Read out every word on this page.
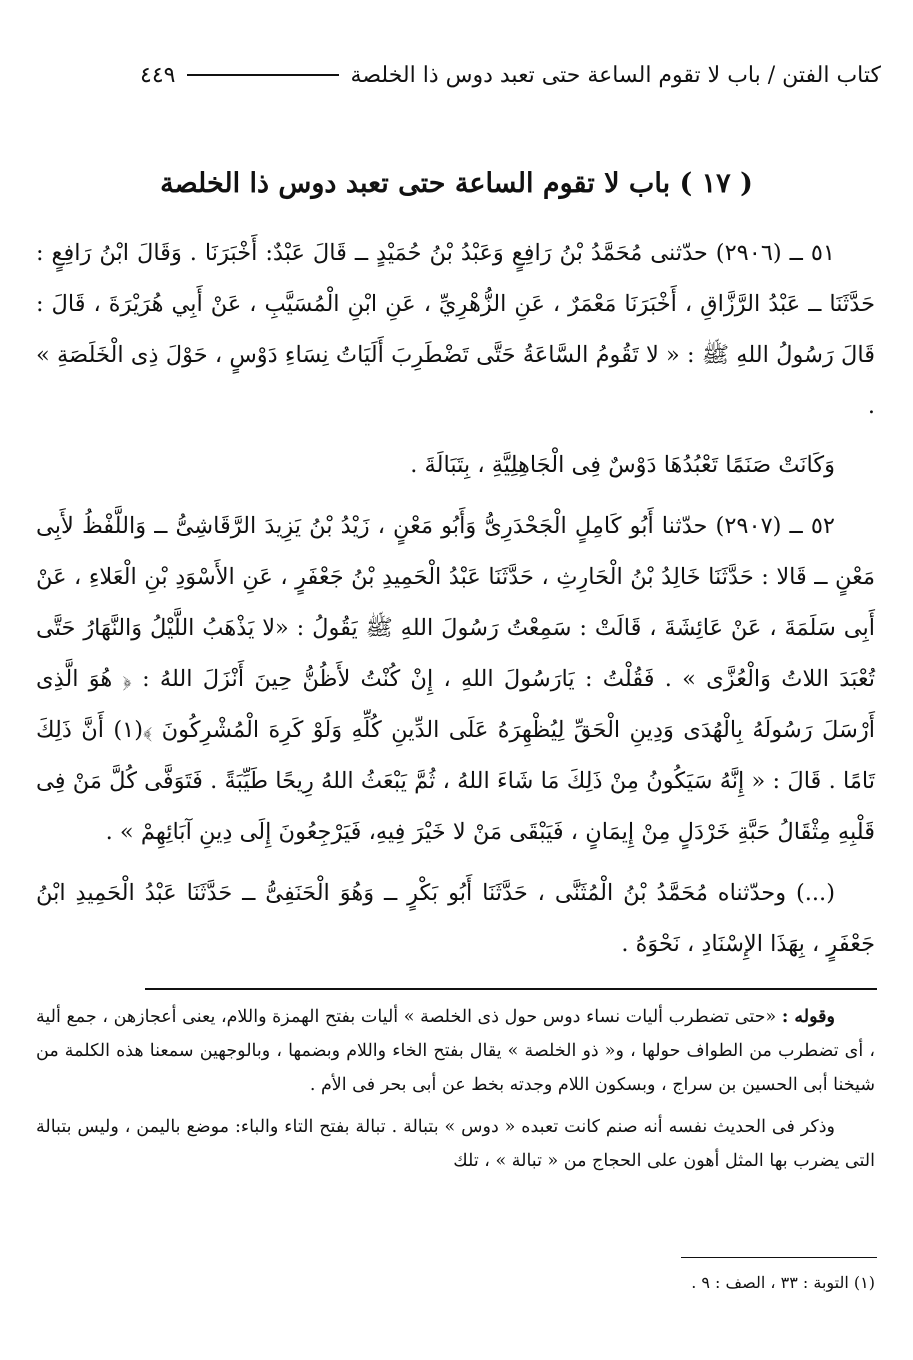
كتاب الفتن / باب لا تقوم الساعة حتى تعبد دوس ذا الخلصة
٤٤٩
( ١٧ ) باب لا تقوم الساعة حتى تعبد دوس ذا الخلصة

٥١ ــ (٢٩٠٦) حدّثنى مُحَمَّدُ بْنُ رَافِعٍ وَعَبْدُ بْنُ حُمَيْدٍ ــ قَالَ عَبْدٌ: أَخْبَرَنَا . وَقَالَ ابْنُ رَافِعٍ : حَدَّثَنَا ــ عَبْدُ الرَّزَّاقِ ، أَخْبَرَنَا مَعْمَرٌ ، عَنِ الزُّهْرِيِّ ، عَنِ ابْنِ الْمُسَيَّبِ ، عَنْ أَبِي هُرَيْرَةَ ، قَالَ : قَالَ رَسُولُ اللهِ ﷺ : « لا تَقُومُ السَّاعَةُ حَتَّى تَضْطَرِبَ أَلَيَاتُ نِسَاءِ دَوْسٍ ، حَوْلَ ذِى الْخَلَصَةِ » .

وَكَانَتْ صَنَمًا تَعْبُدُهَا دَوْسٌ فِى الْجَاهِلِيَّةِ ، بِتَبَالَةَ .

٥٢ ــ (٢٩٠٧) حدّثنا أَبُو كَامِلٍ الْجَحْدَرِىُّ وَأَبُو مَعْنٍ ، زَيْدُ بْنُ يَزِيدَ الرَّقَاشِىُّ ــ وَاللَّفْظُ لأَبِى مَعْنٍ ــ قَالا : حَدَّثَنَا خَالِدُ بْنُ الْحَارِثِ ، حَدَّثَنَا عَبْدُ الْحَمِيدِ بْنُ جَعْفَرٍ ، عَنِ الأَسْوَدِ بْنِ الْعَلاءِ ، عَنْ أَبِى سَلَمَةَ ، عَنْ عَائِشَةَ ، قَالَتْ : سَمِعْتُ رَسُولَ اللهِ ﷺ يَقُولُ : «لا يَذْهَبُ اللَّيْلُ وَالنَّهَارُ حَتَّى تُعْبَدَ اللاتُ وَالْعُزَّى » . فَقُلْتُ : يَارَسُولَ اللهِ ، إِنْ كُنْتُ لأَظُنُّ حِينَ أَنْزَلَ اللهُ : ﴿ هُوَ الَّذِى أَرْسَلَ رَسُولَهُ بِالْهُدَى وَدِينِ الْحَقِّ لِيُظْهِرَهُ عَلَى الدِّينِ كُلِّهِ وَلَوْ كَرِهَ الْمُشْرِكُونَ ﴾(١) أَنَّ ذَلِكَ تَامًا . قَالَ : « إِنَّهُ سَيَكُونُ مِنْ ذَلِكَ مَا شَاءَ اللهُ ، ثُمَّ يَبْعَثُ اللهُ رِيحًا طَيِّبَةً . فَتَوَفَّى كُلَّ مَنْ فِى قَلْبِهِ مِثْقَالُ حَبَّةِ خَرْدَلٍ مِنْ إِيمَانٍ ، فَيَبْقَى مَنْ لا خَيْرَ فِيهِ، فَيَرْجِعُونَ إِلَى دِينِ آبَائِهِمْ » .

(...) وحدّثناه مُحَمَّدُ بْنُ الْمُثَنَّى ، حَدَّثَنَا أَبُو بَكْرٍ ــ وَهُوَ الْحَنَفِىُّ ــ حَدَّثَنَا عَبْدُ الْحَمِيدِ ابْنُ جَعْفَرٍ ، بِهَذَا الإِسْنَادِ ، نَحْوَهُ .

وقوله : «حتى تضطرب أليات نساء دوس حول ذى الخلصة » أليات بفتح الهمزة واللام، يعنى أعجازهن ، جمع ألية ، أى تضطرب من الطواف حولها ، و« ذو الخلصة » يقال بفتح الخاء واللام وبضمها ، وبالوجهين سمعنا هذه الكلمة من شيخنا أبى الحسين بن سراج ، وبسكون اللام وجدته بخط عن أبى بحر فى الأم .

وذكر فى الحديث نفسه أنه صنم كانت تعبده « دوس » بتبالة . تبالة بفتح التاء والباء: موضع باليمن ، وليس بتبالة التى يضرب بها المثل أهون على الحجاج من « تبالة » ، تلك

(١) التوبة : ٣٣ ، الصف : ٩ .
